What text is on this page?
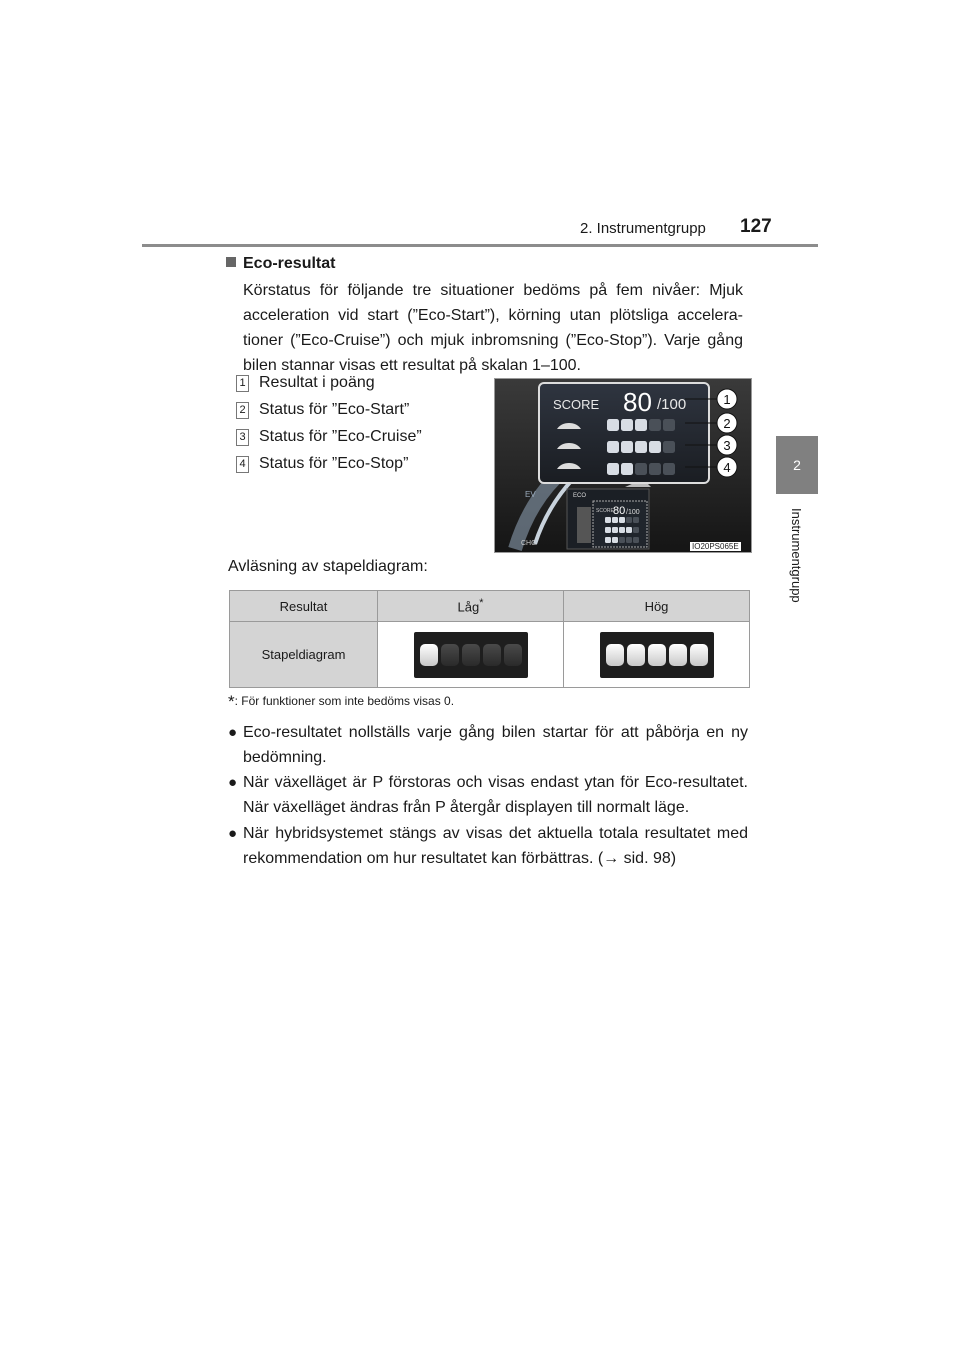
2. Instrumentgrupp 127
2
Instrumentgrupp
Eco-resultat
Körstatus för följande tre situationer bedöms på fem nivåer: Mjuk acceleration vid start (”Eco-Start”), körning utan plötsliga accelerationer (”Eco-Cruise”) och mjuk inbromsning (”Eco-Stop”). Varje gång bilen stannar visas ett resultat på skalan 1–100.
1 Resultat i poäng
2 Status för ”Eco-Start”
3 Status för ”Eco-Cruise”
4 Status för ”Eco-Stop”
EV
CHG
ECO
SCORE 80 /100
SCORE 80 /100	1
2
3
4
IO20PS065E
Avläsning av stapeldiagram:
Resultat	Låg*	Hög
Stapeldiagram	

*: För funktioner som inte bedöms visas 0.
● Eco-resultatet nollställs varje gång bilen startar för att påbörja en ny bedömning.
● När växelläget är P förstoras och visas endast ytan för Eco-resultatet. När växelläget ändras från P återgår displayen till normalt läge.
● När hybridsystemet stängs av visas det aktuella totala resultatet med rekommendation om hur resultatet kan förbättras. (→ sid. 98)
